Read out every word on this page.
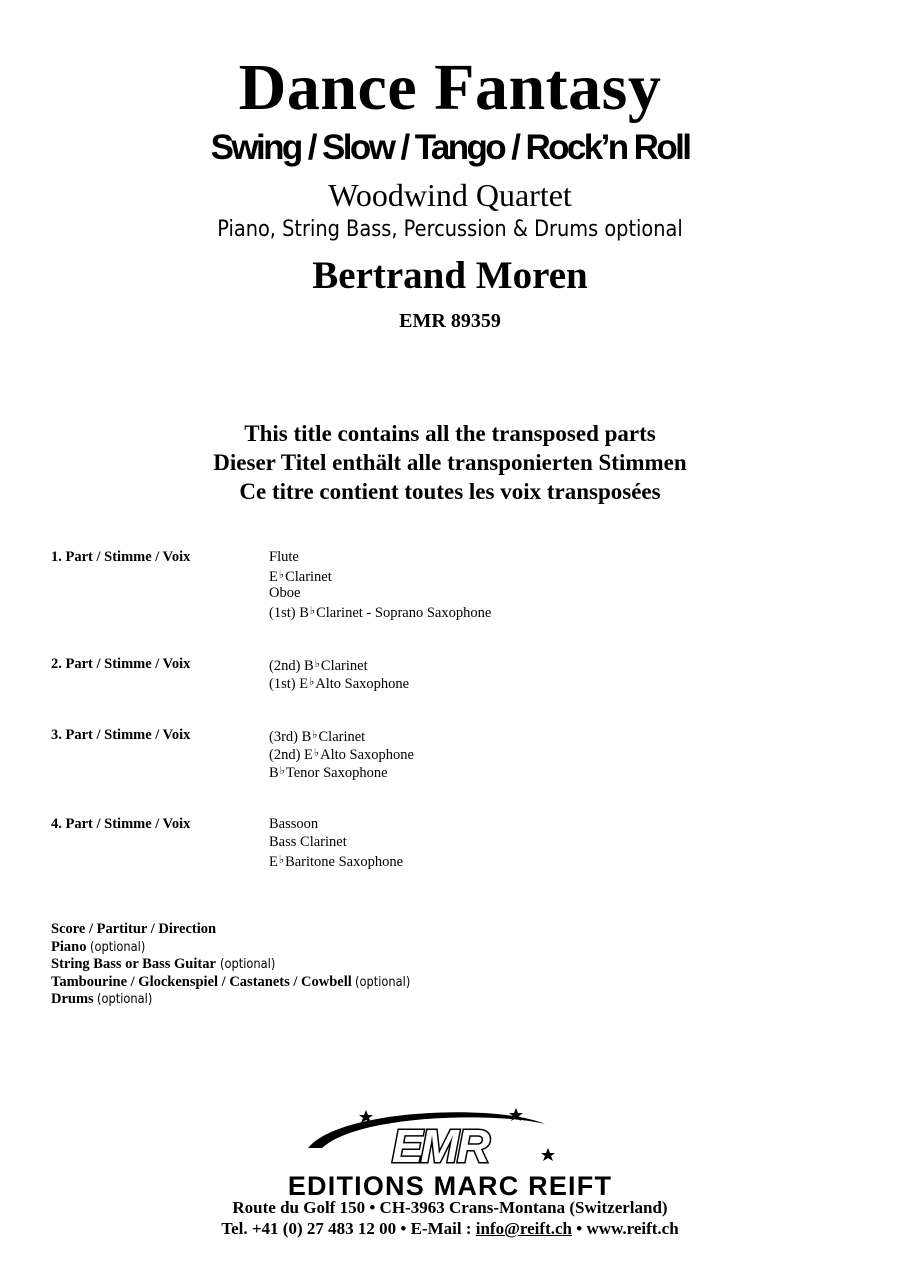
Dance Fantasy
Swing / Slow / Tango / Rock’n Roll
Woodwind Quartet
Piano, String Bass, Percussion & Drums optional
Bertrand Moren
EMR 89359
This title contains all the transposed parts
Dieser Titel enthält alle transponierten Stimmen
Ce titre contient toutes les voix transposées
1. Part / Stimme / Voix	Flute
E♭Clarinet
Oboe
(1st) B♭Clarinet - Soprano Saxophone
2. Part / Stimme / Voix	(2nd) B♭Clarinet
(1st) E♭Alto Saxophone
3. Part / Stimme / Voix	(3rd) B♭Clarinet
(2nd) E♭Alto Saxophone
B♭Tenor Saxophone
4. Part / Stimme / Voix	Bassoon
Bass Clarinet
E♭Baritone Saxophone
Score / Partitur / Direction
Piano (optional)
String Bass or Bass Guitar (optional)
Tambourine / Glockenspiel / Castanets / Cowbell (optional)
Drums (optional)
EMR
EDITIONS MARC REIFT
Route du Golf 150 • CH-3963 Crans-Montana (Switzerland)
Tel. +41 (0) 27 483 12 00 • E-Mail : info@reift.ch • www.reift.ch
